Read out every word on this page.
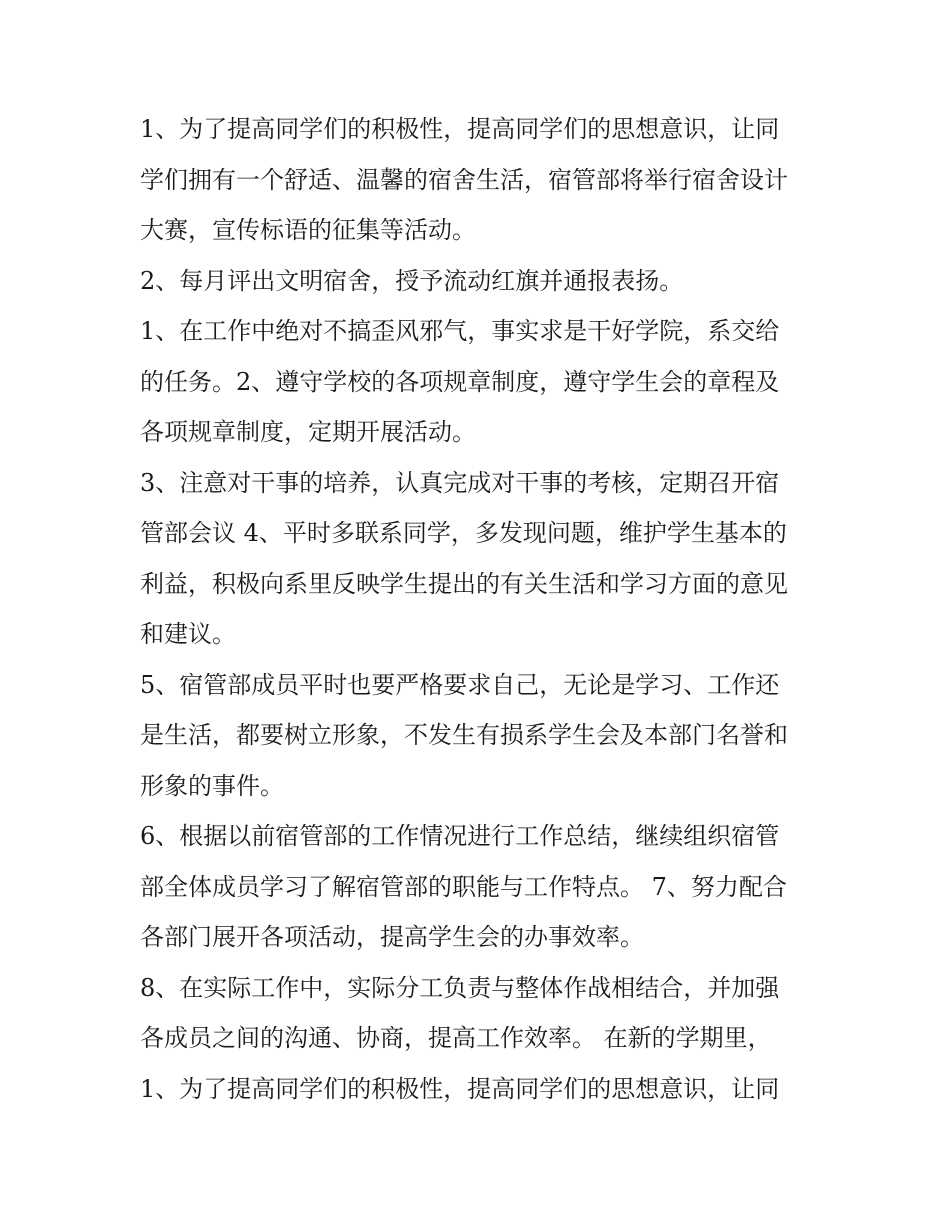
1、为了提高同学们的积极性，提高同学们的思想意识，让同
学们拥有一个舒适、温馨的宿舍生活，宿管部将举行宿舍设计
大赛，宣传标语的征集等活动。
2、每月评出文明宿舍，授予流动红旗并通报表扬。
1、在工作中绝对不搞歪风邪气，事实求是干好学院，系交给
的任务。2、遵守学校的各项规章制度，遵守学生会的章程及
各项规章制度，定期开展活动。
3、注意对干事的培养，认真完成对干事的考核，定期召开宿
管部会议 4、平时多联系同学，多发现问题，维护学生基本的
利益，积极向系里反映学生提出的有关生活和学习方面的意见
和建议。
5、宿管部成员平时也要严格要求自己，无论是学习、工作还
是生活，都要树立形象，不发生有损系学生会及本部门名誉和
形象的事件。
6、根据以前宿管部的工作情况进行工作总结，继续组织宿管
部全体成员学习了解宿管部的职能与工作特点。 7、努力配合
各部门展开各项活动，提高学生会的办事效率。
8、在实际工作中，实际分工负责与整体作战相结合，并加强
各成员之间的沟通、协商，提高工作效率。 在新的学期里，
1、为了提高同学们的积极性，提高同学们的思想意识，让同
